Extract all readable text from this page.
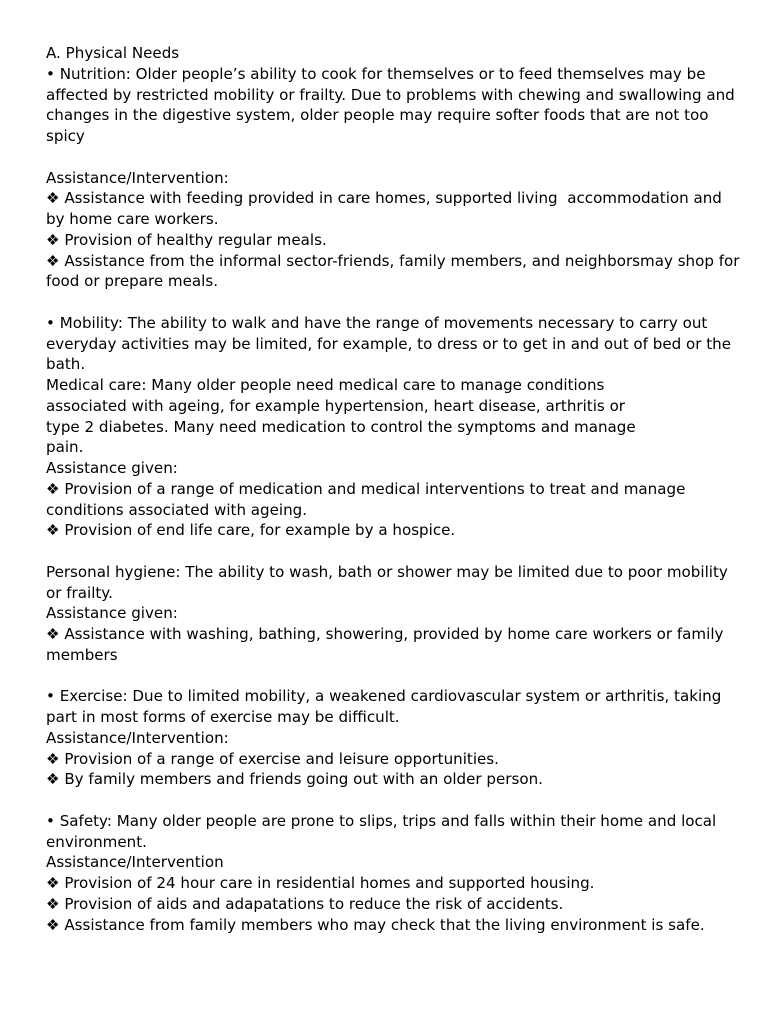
A. Physical Needs
• Nutrition: Older people’s ability to cook for themselves or to feed themselves may be
affected by restricted mobility or frailty. Due to problems with chewing and swallowing and
changes in the digestive system, older people may require softer foods that are not too
spicy
Assistance/Intervention:
❖ Assistance with feeding provided in care homes, supported living  accommodation and
by home care workers.
❖ Provision of healthy regular meals.
❖ Assistance from the informal sector-friends, family members, and neighborsmay shop for
food or prepare meals.
• Mobility: The ability to walk and have the range of movements necessary to carry out
everyday activities may be limited, for example, to dress or to get in and out of bed or the
bath.
Medical care: Many older people need medical care to manage conditions
associated with ageing, for example hypertension, heart disease, arthritis or
type 2 diabetes. Many need medication to control the symptoms and manage
pain.
Assistance given:
❖ Provision of a range of medication and medical interventions to treat and manage
conditions associated with ageing.
❖ Provision of end life care, for example by a hospice.
Personal hygiene: The ability to wash, bath or shower may be limited due to poor mobility
or frailty.
Assistance given:
❖ Assistance with washing, bathing, showering, provided by home care workers or family
members
• Exercise: Due to limited mobility, a weakened cardiovascular system or arthritis, taking
part in most forms of exercise may be difficult.
Assistance/Intervention:
❖ Provision of a range of exercise and leisure opportunities.
❖ By family members and friends going out with an older person.
• Safety: Many older people are prone to slips, trips and falls within their home and local
environment.
Assistance/Intervention
❖ Provision of 24 hour care in residential homes and supported housing.
❖ Provision of aids and adapatations to reduce the risk of accidents.
❖ Assistance from family members who may check that the living environment is safe.
